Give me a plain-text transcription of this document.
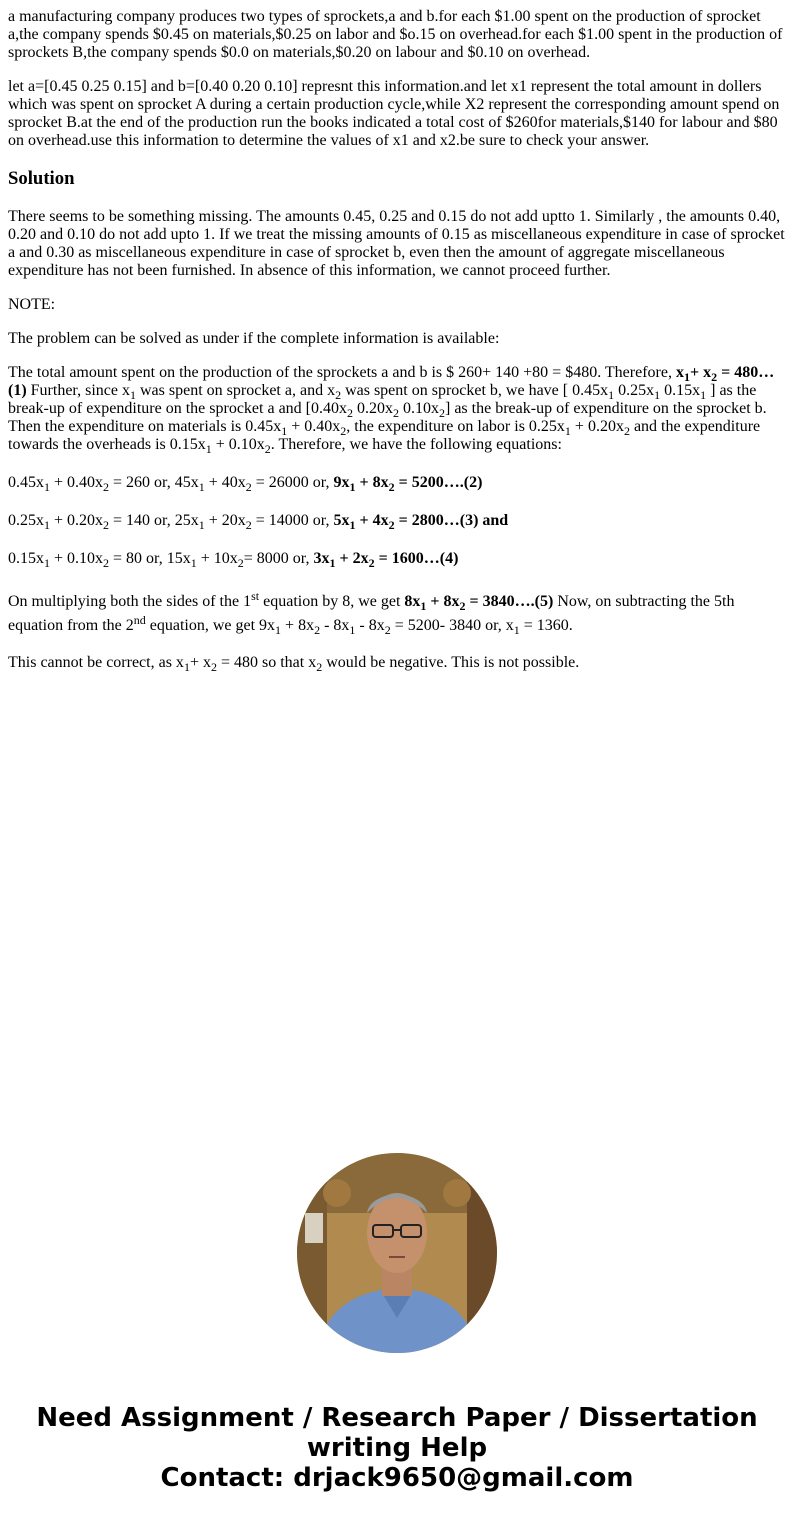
a manufacturing company produces two types of sprockets,a and b.for each $1.00 spent on the production of sprocket a,the company spends $0.45 on materials,$0.25 on labor and $o.15 on overhead.for each $1.00 spent in the production of sprockets B,the company spends $0.0 on materials,$0.20 on labour and $0.10 on overhead.

let a=[0.45 0.25 0.15] and b=[0.40 0.20 0.10] represnt this information.and let x1 represent the total amount in dollers which was spent on sprocket A during a certain production cycle,while X2 represent the corresponding amount spend on sprocket B.at the end of the production run the books indicated a total cost of $260for materials,$140 for labour and $80 on overhead.use this information to determine the values of x1 and x2.be sure to check your answer.

Solution

There seems to be something missing. The amounts 0.45, 0.25 and 0.15 do not add uptto 1. Similarly , the amounts 0.40, 0.20 and 0.10 do not add upto 1. If we treat the missing amounts of 0.15 as miscellaneous expenditure in case of sprocket a and 0.30 as miscellaneous expenditure in case of sprocket b, even then the amount of aggregate miscellaneous expenditure has not been furnished. In absence of this information, we cannot proceed further.

NOTE:

The problem can be solved as under if the complete information is available:

The total amount spent on the production of the sprockets a and b is $ 260+ 140 +80 = $480. Therefore, $x_1+ x_2$ = 480…(1) Further, since $x_1$ was spent on sprocket a, and $x_2$ was spent on sprocket b, we have [ $0.45x_1$ $0.25x_1$ $0.15x_1$ ] as the break-up of expenditure on the sprocket a and [$0.40x_2$ $0.20x_2$ $0.10x_2$] as the break-up of expenditure on the sprocket b. Then the expenditure on materials is $0.45x_1 + 0.40x_2$, the expenditure on labor is $0.25x_1 + 0.20x_2$ and the expenditure towards the overheads is $0.15x_1 + 0.10x_2$. Therefore, we have the following equations:

$0.45x_1 + 0.40x_2 = 260$ or, $45x_1 + 40x_2 = 26000$ or, $9x_1 + 8x_2$ = 5200….(2)

$0.25x_1 + 0.20x_2 = 140$ or, $25x_1 + 20x_2 = 14000$ or, $5x_1 + 4x_2$ = 2800…(3) and

$0.15x_1 + 0.10x_2 = 80$ or, $15x_1 + 10x_2= 8000$ or, $3x_1 + 2x_2$ = 1600…(4)

On multiplying both the sides of the 1st equation by 8, we get $8x_1 + 8x_2$ = 3840….(5) Now, on subtracting the 5th equation from the 2nd equation, we get $9x_1 + 8x_2 - 8x_1 - 8x_2 = 5200-$ 3840 or, $x_1 = 1360$.

This cannot be correct, as $x_1+ x_2 = 480$ so that $x_2$ would be negative. This is not possible.

Need Assignment / Research Paper / Dissertation writing Help
Contact: drjack9650@gmail.com
